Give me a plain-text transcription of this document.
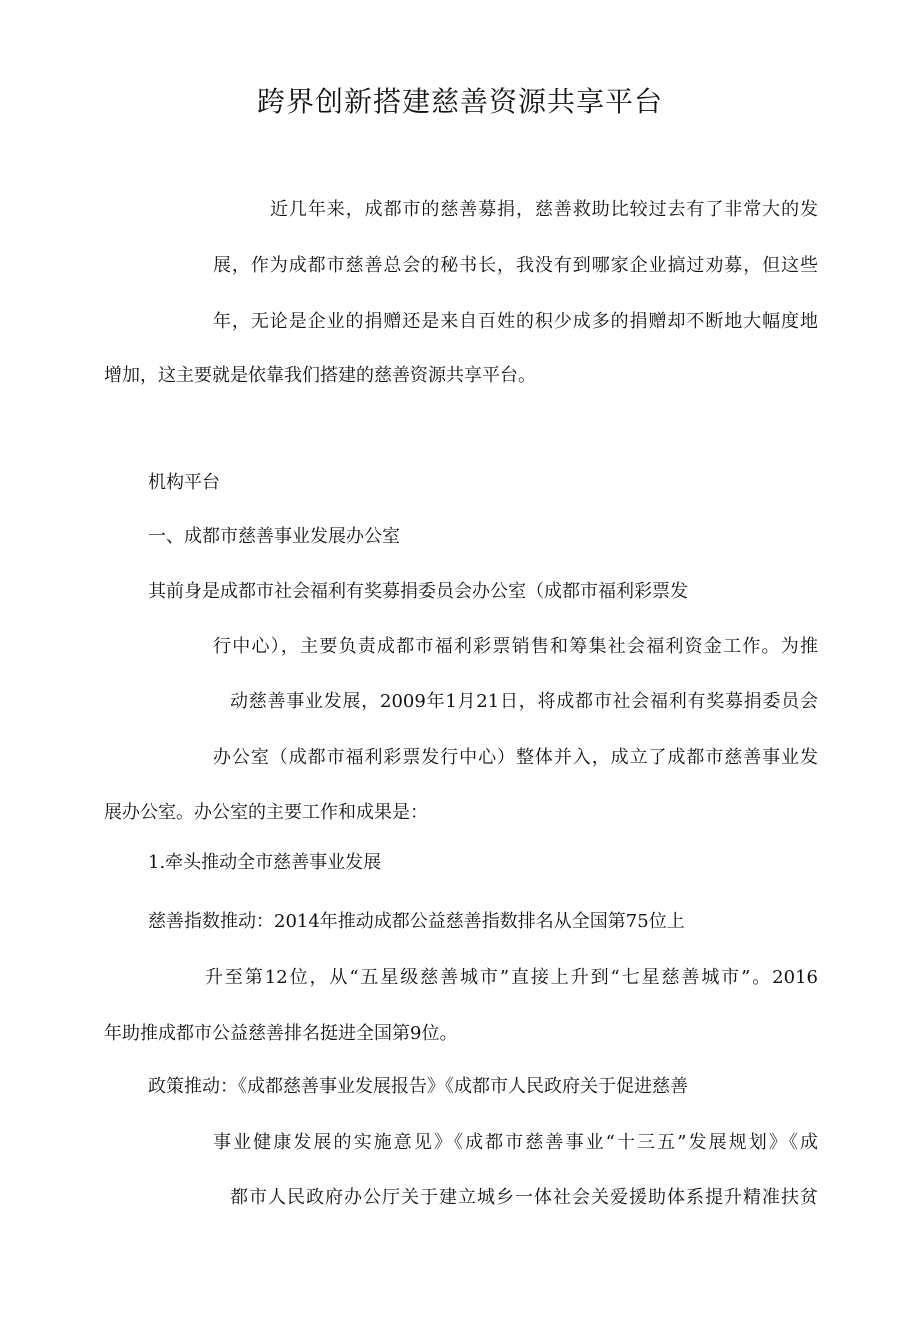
跨界创新搭建慈善资源共享平台

近几年来，成都市的慈善募捐，慈善救助比较过去有了非常大的发

展，作为成都市慈善总会的秘书长，我没有到哪家企业搞过劝募，但这些

年，无论是企业的捐赠还是来自百姓的积少成多的捐赠却不断地大幅度地

增加，这主要就是依靠我们搭建的慈善资源共享平台。

机构平台

一、成都市慈善事业发展办公室

其前身是成都市社会福利有奖募捐委员会办公室（成都市福利彩票发

行中心），主要负责成都市福利彩票销售和筹集社会福利资金工作。为推

动慈善事业发展，2009年1月21日，将成都市社会福利有奖募捐委员会

办公室（成都市福利彩票发行中心）整体并入，成立了成都市慈善事业发

展办公室。办公室的主要工作和成果是：

1.牵头推动全市慈善事业发展

慈善指数推动：2014年推动成都公益慈善指数排名从全国第75位上

升至第12位，从“五星级慈善城市”直接上升到“七星慈善城市”。2016

年助推成都市公益慈善排名挺进全国第9位。

政策推动：《成都慈善事业发展报告》《成都市人民政府关于促进慈善

事业健康发展的实施意见》《成都市慈善事业“十三五”发展规划》《成

都市人民政府办公厅关于建立城乡一体社会关爱援助体系提升精准扶贫
